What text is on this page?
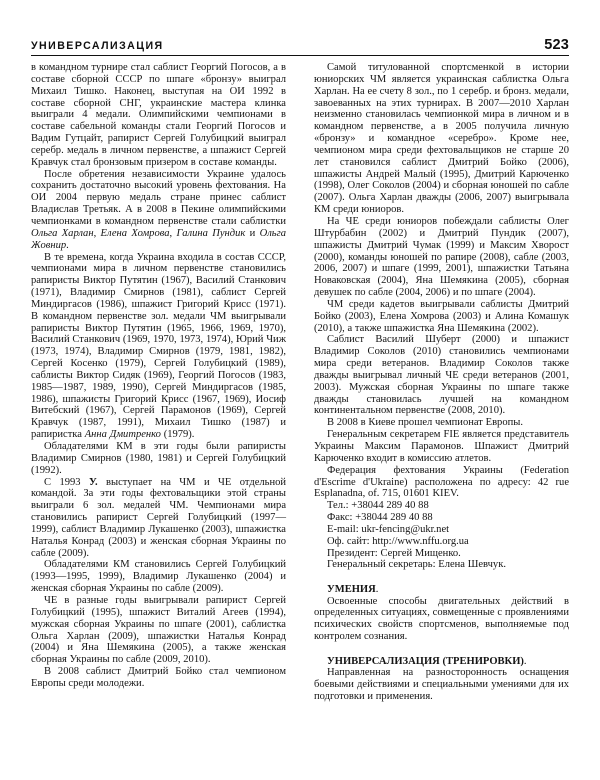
УНИВЕРСАЛИЗАЦИЯ	523

в командном турнире стал саблист Георгий Погосов, а в составе сборной СССР по шпаге «бронзу» выиграл Михаил Тишко. Наконец, выступая на ОИ 1992 в составе сборной СНГ, украинские мастера клинка выиграли 4 медали. Олимпийскими чемпионами в составе сабельной команды стали Георгий Погосов и Вадим Гутцайт, рапирист Сергей Голубицкий выиграл серебр. медаль в личном первенстве, а шпажист Сергей Кравчук стал бронзовым призером в составе команды.

После обретения независимости Украине удалось сохранить достаточно высокий уровень фехтования. На ОИ 2004 первую медаль стране принес саблист Владислав Третьяк. А в 2008 в Пекине олимпийскими чемпионками в командном первенстве стали саблистки Ольга Харлан, Елена Хомрова, Галина Пундик и Ольга Жовнир.

В те времена, когда Украина входила в состав СССР, чемпионами мира в личном первенстве становились рапиристы Виктор Путятин (1967), Василий Станкович (1971), Владимир Смирнов (1981), саблист Сергей Миндиргасов (1986), шпажист Григорий Крисс (1971). В командном первенстве зол. медали ЧМ выигрывали рапиристы Виктор Путятин (1965, 1966, 1969, 1970), Василий Станкович (1969, 1970, 1973, 1974), Юрий Чиж (1973, 1974), Владимир Смирнов (1979, 1981, 1982), Сергей Косенко (1979), Сергей Голубицкий (1989), саблисты Виктор Сидяк (1969), Георгий Погосов (1983, 1985—1987, 1989, 1990), Сергей Миндиргасов (1985, 1986), шпажисты Григорий Крисс (1967, 1969), Иосиф Витебский (1967), Сергей Парамонов (1969), Сергей Кравчук (1987, 1991), Михаил Тишко (1987) и рапиристка Анна Дмитренко (1979).

Обладателями КМ в эти годы были рапиристы Владимир Смирнов (1980, 1981) и Сергей Голубицкий (1992).

С 1993 У. выступает на ЧМ и ЧЕ отдельной командой. За эти годы фехтовальщики этой страны выиграли 6 зол. медалей ЧМ. Чемпионами мира становились рапирист Сергей Голубицкий (1997—1999), саблист Владимир Лукашенко (2003), шпажистка Наталья Конрад (2003) и женская сборная Украины по сабле (2009).

Обладателями КМ становились Сергей Голубицкий (1993—1995, 1999), Владимир Лукашенко (2004) и женская сборная Украины по сабле (2009).

ЧЕ в разные годы выигрывали рапирист Сергей Голубицкий (1995), шпажист Виталий Агеев (1994), мужская сборная Украины по шпаге (2001), саблистка Ольга Харлан (2009), шпажистки Наталья Конрад (2004) и Яна Шемякина (2005), а также женская сборная Украины по сабле (2009, 2010).

В 2008 саблист Дмитрий Бойко стал чемпионом Европы среди молодежи.

Самой титулованной спортсменкой в истории юниорских ЧМ является украинская саблистка Ольга Харлан. На ее счету 8 зол., по 1 серебр. и бронз. медали, завоеванных на этих турнирах. В 2007—2010 Харлан неизменно становилась чемпионкой мира в личном и в командном первенстве, а в 2005 получила личную «бронзу» и командное «серебро». Кроме нее, чемпионом мира среди фехтовальщиков не старше 20 лет становился саблист Дмитрий Бойко (2006), шпажисты Андрей Малый (1995), Дмитрий Карюченко (1998), Олег Соколов (2004) и сборная юношей по сабле (2007). Ольга Харлан дважды (2006, 2007) выигрывала КМ среди юниоров.

На ЧЕ среди юниоров побеждали саблисты Олег Штурбабин (2002) и Дмитрий Пундик (2007), шпажисты Дмитрий Чумак (1999) и Максим Хворост (2000), команды юношей по рапире (2008), сабле (2003, 2006, 2007) и шпаге (1999, 2001), шпажистки Татьяна Новаковская (2004), Яна Шемякина (2005), сборная девушек по сабле (2004, 2006) и по шпаге (2004).

ЧМ среди кадетов выигрывали саблисты Дмитрий Бойко (2003), Елена Хомрова (2003) и Алина Комашук (2010), а также шпажистка Яна Шемякина (2002).

Саблист Василий Шуберт (2000) и шпажист Владимир Соколов (2010) становились чемпионами мира среди ветеранов. Владимир Соколов также дважды выигрывал личный ЧЕ среди ветеранов (2001, 2003). Мужская сборная Украины по шпаге также дважды становилась лучшей на командном континентальном первенстве (2008, 2010).

В 2008 в Киеве прошел чемпионат Европы.

Генеральным секретарем FIE является представитель Украины Максим Парамонов. Шпажист Дмитрий Карюченко входит в комиссию атлетов.

Федерация фехтования Украины (Federation d'Escrime d'Ukraine) расположена по адресу: 42 rue Esplanadna, of. 715, 01601 KIEV.

Тел.: +38044 289 40 88

Факс: +38044 289 40 88

E-mail: ukr-fencing@ukr.net

Оф. сайт: http://www.nffu.org.ua

Президент: Сергей Мищенко.

Генеральный секретарь: Елена Шевчук.

УМЕНИЯ.

Освоенные способы двигательных действий в определенных ситуациях, совмещенные с проявлениями психических свойств спортсменов, выполняемые под контролем сознания.

УНИВЕРСАЛИЗАЦИЯ (ТРЕНИРОВКИ).

Направленная на разносторонность оснащения боевыми действиями и специальными умениями для их подготовки и применения.
